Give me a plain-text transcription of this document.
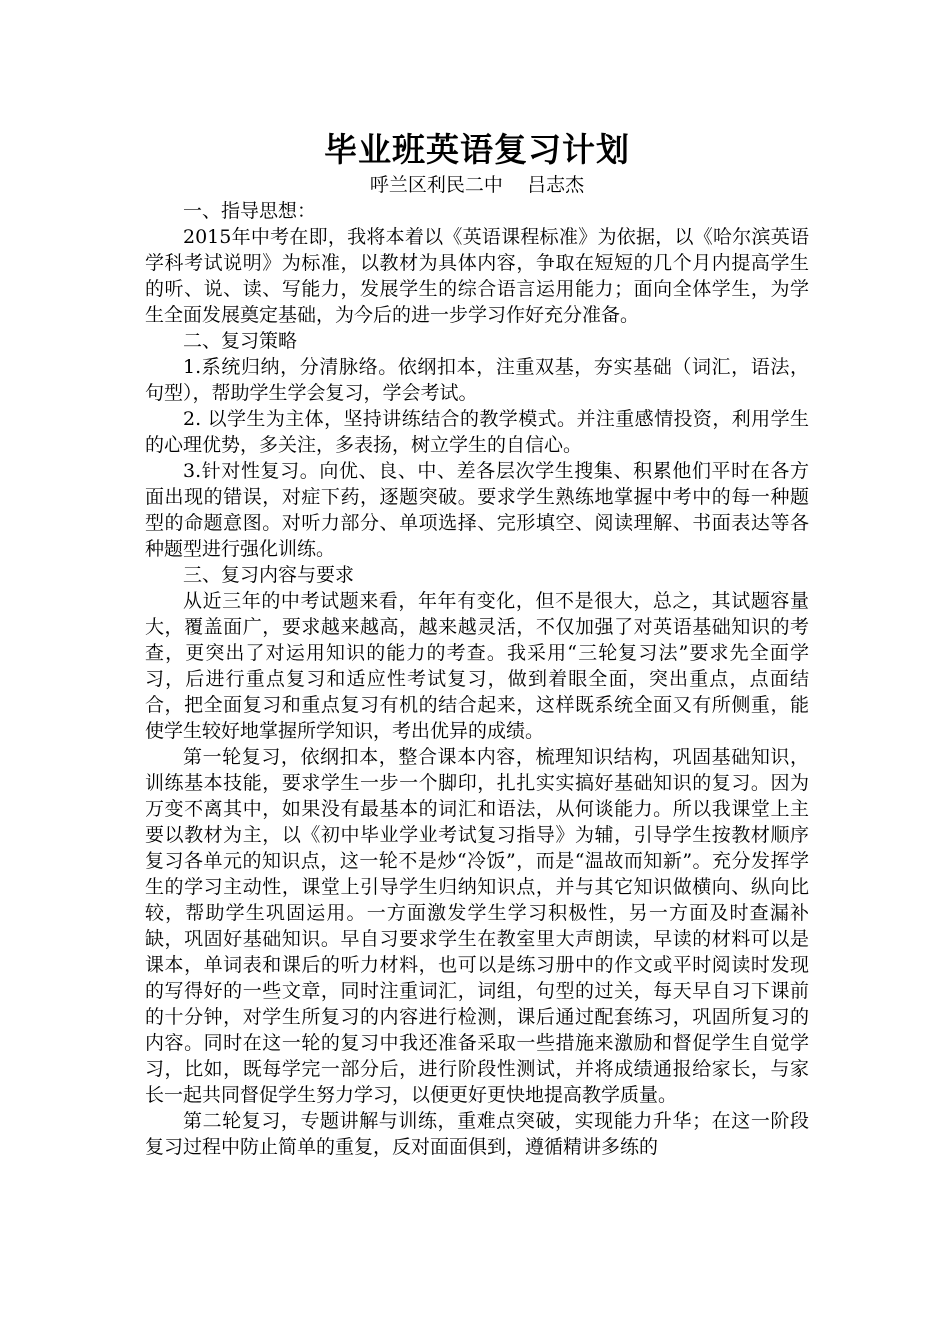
毕业班英语复习计划

呼兰区利民二中    吕志杰

一、指导思想：

2015年中考在即，我将本着以《英语课程标准》为依据，以《哈尔滨英语学科考试说明》为标准，以教材为具体内容，争取在短短的几个月内提高学生的听、说、读、写能力，发展学生的综合语言运用能力；面向全体学生，为学生全面发展奠定基础，为今后的进一步学习作好充分准备。

二、复习策略

1.系统归纳，分清脉络。依纲扣本，注重双基，夯实基础（词汇，语法，句型），帮助学生学会复习，学会考试。

2. 以学生为主体，坚持讲练结合的教学模式。并注重感情投资，利用学生的心理优势，多关注，多表扬，树立学生的自信心。

3.针对性复习。向优、良、中、差各层次学生搜集、积累他们平时在各方面出现的错误，对症下药，逐题突破。要求学生熟练地掌握中考中的每一种题型的命题意图。对听力部分、单项选择、完形填空、阅读理解、书面表达等各种题型进行强化训练。

三、复习内容与要求

从近三年的中考试题来看，年年有变化，但不是很大，总之，其试题容量大，覆盖面广，要求越来越高，越来越灵活，不仅加强了对英语基础知识的考查，更突出了对运用知识的能力的考查。我采用“三轮复习法”要求先全面学习，后进行重点复习和适应性考试复习，做到着眼全面，突出重点，点面结合，把全面复习和重点复习有机的结合起来，这样既系统全面又有所侧重，能使学生较好地掌握所学知识，考出优异的成绩。

第一轮复习，依纲扣本，整合课本内容，梳理知识结构，巩固基础知识，训练基本技能，要求学生一步一个脚印，扎扎实实搞好基础知识的复习。因为万变不离其中，如果没有最基本的词汇和语法，从何谈能力。所以我课堂上主要以教材为主，以《初中毕业学业考试复习指导》为辅，引导学生按教材顺序复习各单元的知识点，这一轮不是炒“冷饭”，而是“温故而知新”。充分发挥学生的学习主动性，课堂上引导学生归纳知识点，并与其它知识做横向、纵向比较，帮助学生巩固运用。一方面激发学生学习积极性，另一方面及时查漏补缺，巩固好基础知识。早自习要求学生在教室里大声朗读，早读的材料可以是课本，单词表和课后的听力材料，也可以是练习册中的作文或平时阅读时发现的写得好的一些文章，同时注重词汇，词组，句型的过关，每天早自习下课前的十分钟，对学生所复习的内容进行检测，课后通过配套练习，巩固所复习的内容。同时在这一轮的复习中我还准备采取一些措施来激励和督促学生自觉学习，比如，既每学完一部分后，进行阶段性测试，并将成绩通报给家长，与家长一起共同督促学生努力学习，以便更好更快地提高教学质量。

第二轮复习，专题讲解与训练，重难点突破，实现能力升华；在这一阶段复习过程中防止简单的重复，反对面面俱到，遵循精讲多练的
